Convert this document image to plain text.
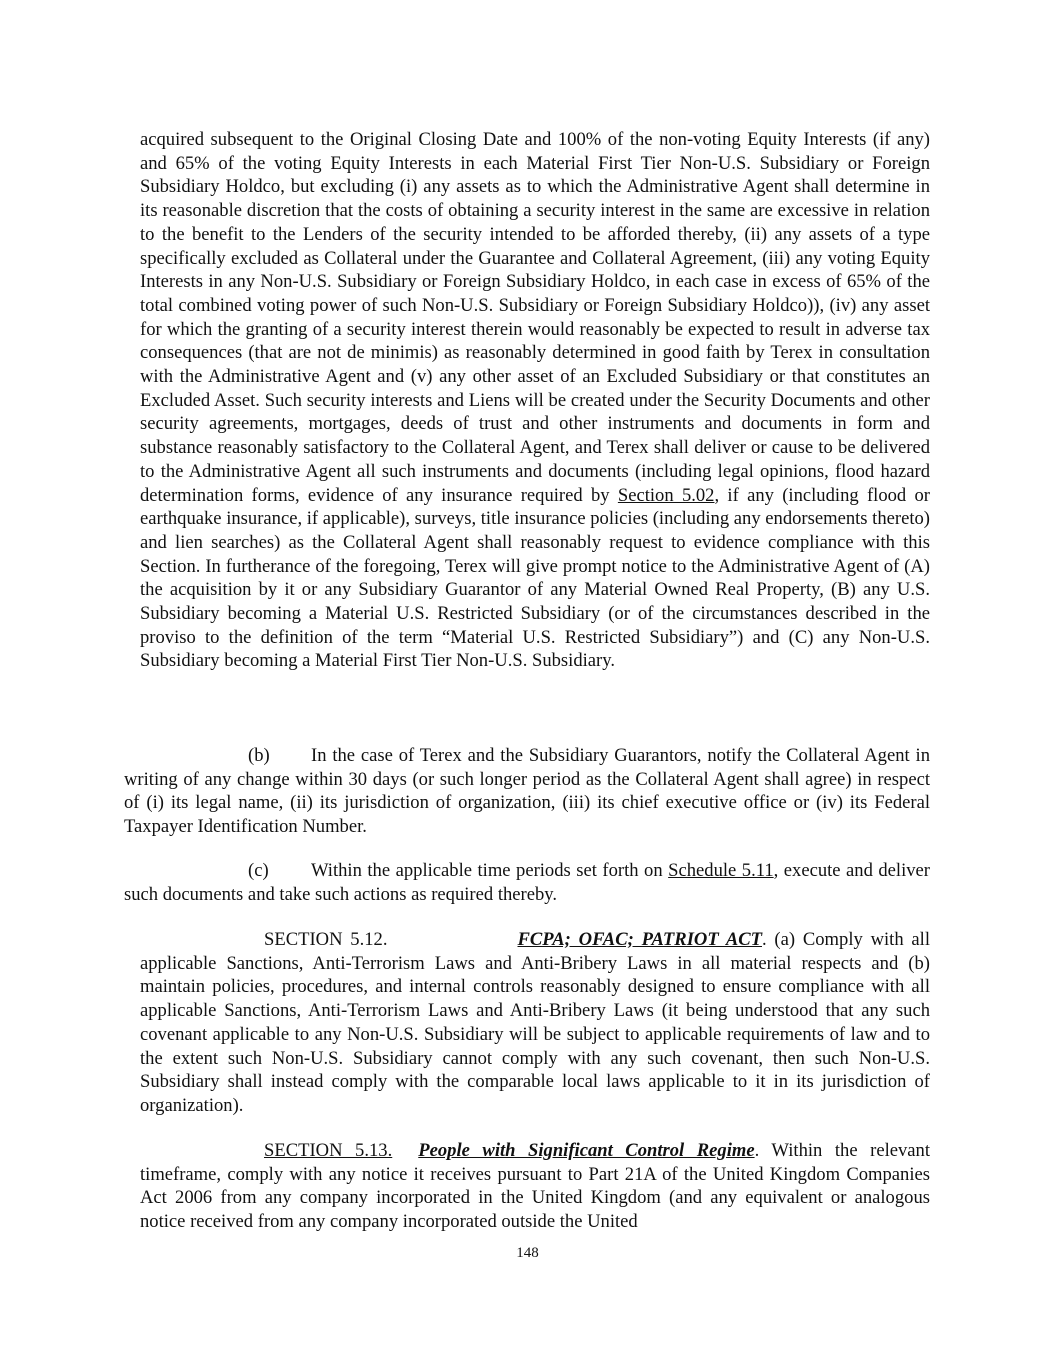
acquired subsequent to the Original Closing Date and 100% of the non-voting Equity Interests (if any) and 65% of the voting Equity Interests in each Material First Tier Non-U.S. Subsidiary or Foreign Subsidiary Holdco, but excluding (i) any assets as to which the Administrative Agent shall determine in its reasonable discretion that the costs of obtaining a security interest in the same are excessive in relation to the benefit to the Lenders of the security intended to be afforded thereby, (ii) any assets of a type specifically excluded as Collateral under the Guarantee and Collateral Agreement, (iii) any voting Equity Interests in any Non-U.S. Subsidiary or Foreign Subsidiary Holdco, in each case in excess of 65% of the total combined voting power of such Non-U.S. Subsidiary or Foreign Subsidiary Holdco)), (iv) any asset for which the granting of a security interest therein would reasonably be expected to result in adverse tax consequences (that are not de minimis) as reasonably determined in good faith by Terex in consultation with the Administrative Agent and (v) any other asset of an Excluded Subsidiary or that constitutes an Excluded Asset. Such security interests and Liens will be created under the Security Documents and other security agreements, mortgages, deeds of trust and other instruments and documents in form and substance reasonably satisfactory to the Collateral Agent, and Terex shall deliver or cause to be delivered to the Administrative Agent all such instruments and documents (including legal opinions, flood hazard determination forms, evidence of any insurance required by Section 5.02, if any (including flood or earthquake insurance, if applicable), surveys, title insurance policies (including any endorsements thereto) and lien searches) as the Collateral Agent shall reasonably request to evidence compliance with this Section. In furtherance of the foregoing, Terex will give prompt notice to the Administrative Agent of (A) the acquisition by it or any Subsidiary Guarantor of any Material Owned Real Property, (B) any U.S. Subsidiary becoming a Material U.S. Restricted Subsidiary (or of the circumstances described in the proviso to the definition of the term “Material U.S. Restricted Subsidiary”) and (C) any Non-U.S. Subsidiary becoming a Material First Tier Non-U.S. Subsidiary.

(b) In the case of Terex and the Subsidiary Guarantors, notify the Collateral Agent in writing of any change within 30 days (or such longer period as the Collateral Agent shall agree) in respect of (i) its legal name, (ii) its jurisdiction of organization, (iii) its chief executive office or (iv) its Federal Taxpayer Identification Number.

(c) Within the applicable time periods set forth on Schedule 5.11, execute and deliver such documents and take such actions as required thereby.

SECTION 5.12.	FCPA; OFAC; PATRIOT ACT. (a) Comply with all applicable Sanctions, Anti-Terrorism Laws and Anti-Bribery Laws in all material respects and (b) maintain policies, procedures, and internal controls reasonably designed to ensure compliance with all applicable Sanctions, Anti-Terrorism Laws and Anti-Bribery Laws (it being understood that any such covenant applicable to any Non-U.S. Subsidiary will be subject to applicable requirements of law and to the extent such Non-U.S. Subsidiary cannot comply with any such covenant, then such Non-U.S. Subsidiary shall instead comply with the comparable local laws applicable to it in its jurisdiction of organization).

SECTION 5.13. People with Significant Control Regime. Within the relevant timeframe, comply with any notice it receives pursuant to Part 21A of the United Kingdom Companies Act 2006 from any company incorporated in the United Kingdom (and any equivalent or analogous notice received from any company incorporated outside the United

148
